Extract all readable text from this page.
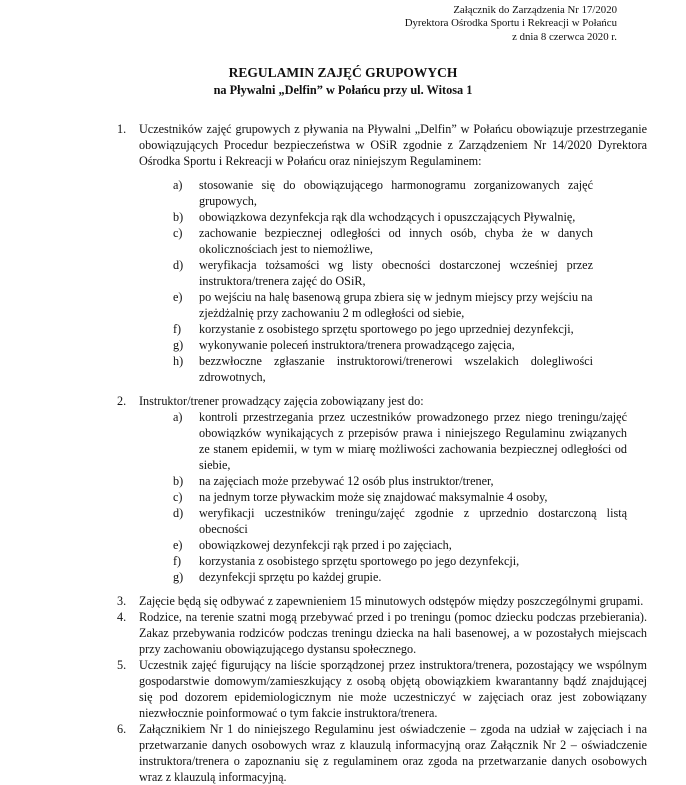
Załącznik do Zarządzenia Nr 17/2020
Dyrektora Ośrodka Sportu i Rekreacji w Połańcu
z dnia 8 czerwca 2020 r.
REGULAMIN ZAJĘĆ GRUPOWYCH
na Pływalni „Delfin” w Połańcu przy ul. Witosa 1
1. Uczestników zajęć grupowych z pływania na Pływalni „Delfin” w Połańcu obowiązuje przestrzeganie obowiązujących Procedur bezpieczeństwa w OSiR zgodnie z Zarządzeniem Nr 14/2020 Dyrektora Ośrodka Sportu i Rekreacji w Połańcu oraz niniejszym Regulaminem:
a) stosowanie się do obowiązującego harmonogramu zorganizowanych zajęć grupowych,
b) obowiązkowa dezynfekcja rąk dla wchodzących i opuszczających Pływalnię,
c) zachowanie bezpiecznej odległości od innych osób, chyba że w danych okolicznościach jest to niemożliwe,
d) weryfikacja tożsamości wg listy obecności dostarczonej wcześniej przez instruktora/trenera zajęć do OSiR,
e) po wejściu na halę basenową grupa zbiera się w jednym miejscy przy wejściu na zjeżdżalnię przy zachowaniu 2 m odległości od siebie,
f) korzystanie z osobistego sprzętu sportowego po jego uprzedniej dezynfekcji,
g) wykonywanie poleceń instruktora/trenera prowadzącego zajęcia,
h) bezzwłoczne zgłaszanie instruktorowi/trenerowi wszelakich dolegliwości zdrowotnych,
2. Instruktor/trener prowadzący zajęcia zobowiązany jest do:
a) kontroli przestrzegania przez uczestników prowadzonego przez niego treningu/zajęć obowiązków wynikających z przepisów prawa i niniejszego Regulaminu związanych ze stanem epidemii, w tym w miarę możliwości zachowania bezpiecznej odległości od siebie,
b) na zajęciach może przebywać 12 osób plus instruktor/trener,
c) na jednym torze pływackim może się znajdować maksymalnie 4 osoby,
d) weryfikacji uczestników treningu/zajęć zgodnie z uprzednio dostarczoną listą obecności
e) obowiązkowej dezynfekcji rąk przed i po zajęciach,
f) korzystania z osobistego sprzętu sportowego po jego dezynfekcji,
g) dezynfekcji sprzętu po każdej grupie.
3. Zajęcie będą się odbywać z zapewnieniem 15 minutowych odstępów między poszczególnymi grupami.
4. Rodzice, na terenie szatni mogą przebywać przed i po treningu (pomoc dziecku podczas przebierania). Zakaz przebywania rodziców podczas treningu dziecka na hali basenowej, a w pozostałych miejscach przy zachowaniu obowiązującego dystansu społecznego.
5. Uczestnik zajęć figurujący na liście sporządzonej przez instruktora/trenera, pozostający we wspólnym gospodarstwie domowym/zamieszkujący z osobą objętą obowiązkiem kwarantanny bądź znajdującej się pod dozorem epidemiologicznym nie może uczestniczyć w zajęciach oraz jest zobowiązany niezwłocznie poinformować o tym fakcie instruktora/trenera.
6. Załącznikiem Nr 1 do niniejszego Regulaminu jest oświadczenie – zgoda na udział w zajęciach i na przetwarzanie danych osobowych wraz z klauzulą informacyjną oraz Załącznik Nr 2 – oświadczenie instruktora/trenera o zapoznaniu się z regulaminem oraz zgoda na przetwarzanie danych osobowych wraz z klauzulą informacyjną.
